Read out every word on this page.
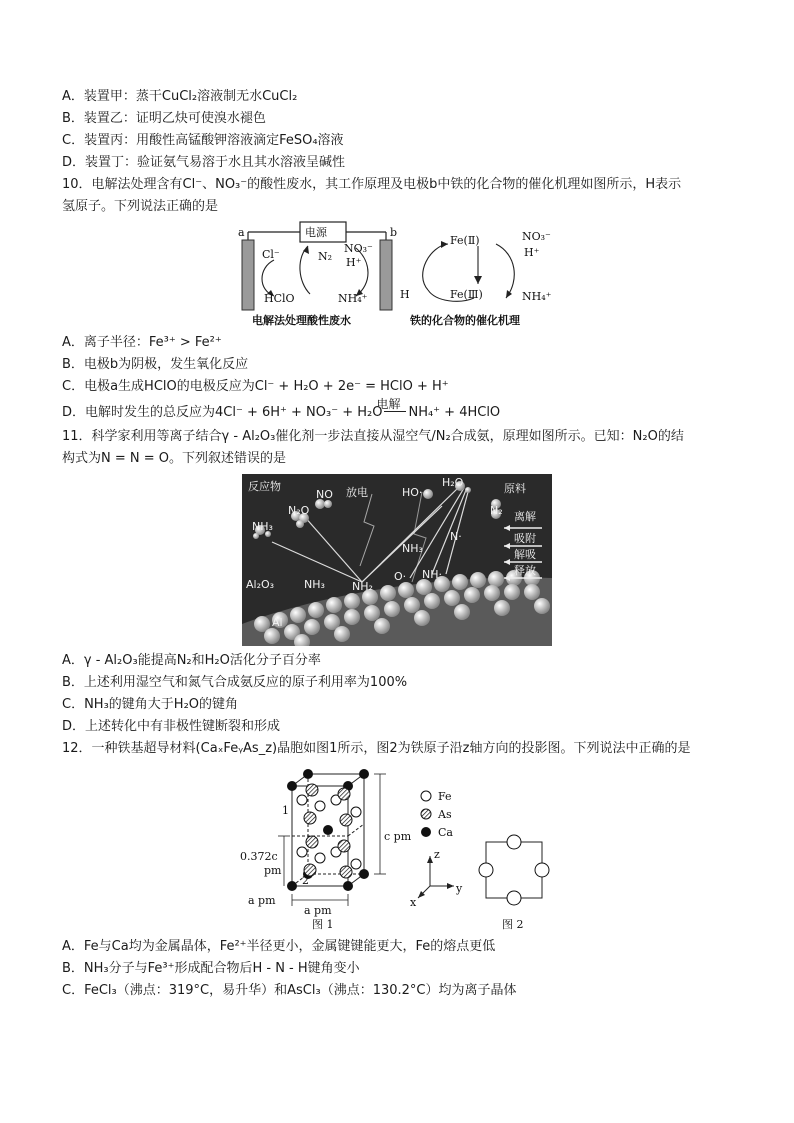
A．装置甲：蒸干CuCl₂溶液制无水CuCl₂
B．装置乙：证明乙炔可使溴水褪色
C．装置丙：用酸性高锰酸钾溶液滴定FeSO₄溶液
D．装置丁：验证氨气易溶于水且其水溶液呈碱性
10．电解法处理含有Cl⁻、NO₃⁻的酸性废水，其工作原理及电极b中铁的化合物的催化机理如图所示，H表示
氢原子。下列说法正确的是
电源
a	b
Cl⁻	N₂
NO₃⁻
H⁺
HClO	NH₄⁺
Fe(Ⅱ)
Fe(Ⅲ)
H
NO₃⁻
H⁺
NH₄⁺
电解法处理酸性废水	铁的化合物的催化机理
A．离子半径：Fe³⁺ > Fe²⁺
B．电极b为阴极，发生氧化反应
C．电极a生成HClO的电极反应为Cl⁻ + H₂O + 2e⁻ = HClO + H⁺
D．电解时发生的总反应为4Cl⁻ + 6H⁺ + NO₃⁻ + H₂O
电解
NH₄⁺ + 4HClO
11．科学家利用等离子结合γ - Al₂O₃催化剂一步法直接从湿空气/N₂合成氨，原理如图所示。已知：N₂O的结
构式为N = N = O。下列叙述错误的是
反应物	放电	原料
离解
吸附
解吸
释放
NO
N₂O
NH₃
NH₃
NH₃
HO·
H₂O
N₂
NH₂
O· NH·
N·
Al₂O₃
Al
A．γ - Al₂O₃能提高N₂和H₂O活化分子百分率
B．上述利用湿空气和氮气合成氨反应的原子利用率为100%
C．NH₃的键角大于H₂O的键角
D．上述转化中有非极性键断裂和形成
12．一种铁基超导材料(CaₓFeᵧAs_z)晶胞如图1所示，图2为铁原子沿z轴方向的投影图。下列说法中正确的是
1
2
c pm
0.372c
pm
a pm
a pm
图 1
Fe
As
Ca
z
y
x
图 2
A．Fe与Ca均为金属晶体，Fe²⁺半径更小，金属键键能更大，Fe的熔点更低
B．NH₃分子与Fe³⁺形成配合物后H - N - H键角变小
C．FeCl₃（沸点：319°C，易升华）和AsCl₃（沸点：130.2°C）均为离子晶体
